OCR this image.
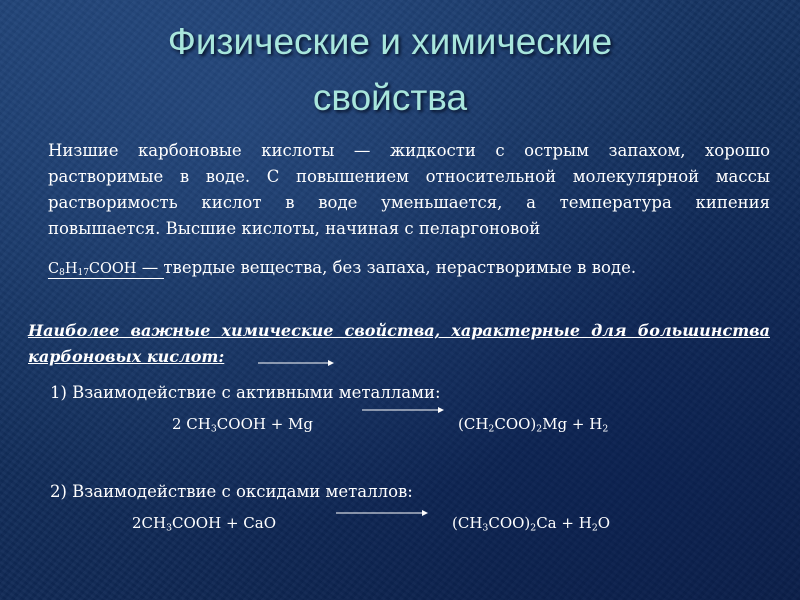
Физические и химические
свойства
Низшие карбоновые кислоты — жидкости с острым запахом, хорошо
растворимые в воде. С повышением относительной молекулярной массы
растворимость кислот в воде уменьшается, а температура кипения
повышается. Высшие кислоты, начиная с пеларгоновой
$C_8H_{17}COOH$ — твердые вещества, без запаха, нерастворимые в воде.
Наиболее важные химические свойства, характерные для большинства
карбоновых кислот:
1) Взаимодействие с активными металлами:
2 $CH_3COOH + Mg$	$(CH_2COO)_2Mg + H_2$
2) Взаимодействие с оксидами металлов:
$2CH_3COOH$ + CaO	$(CH_3COO)_2Ca + H_2O$
